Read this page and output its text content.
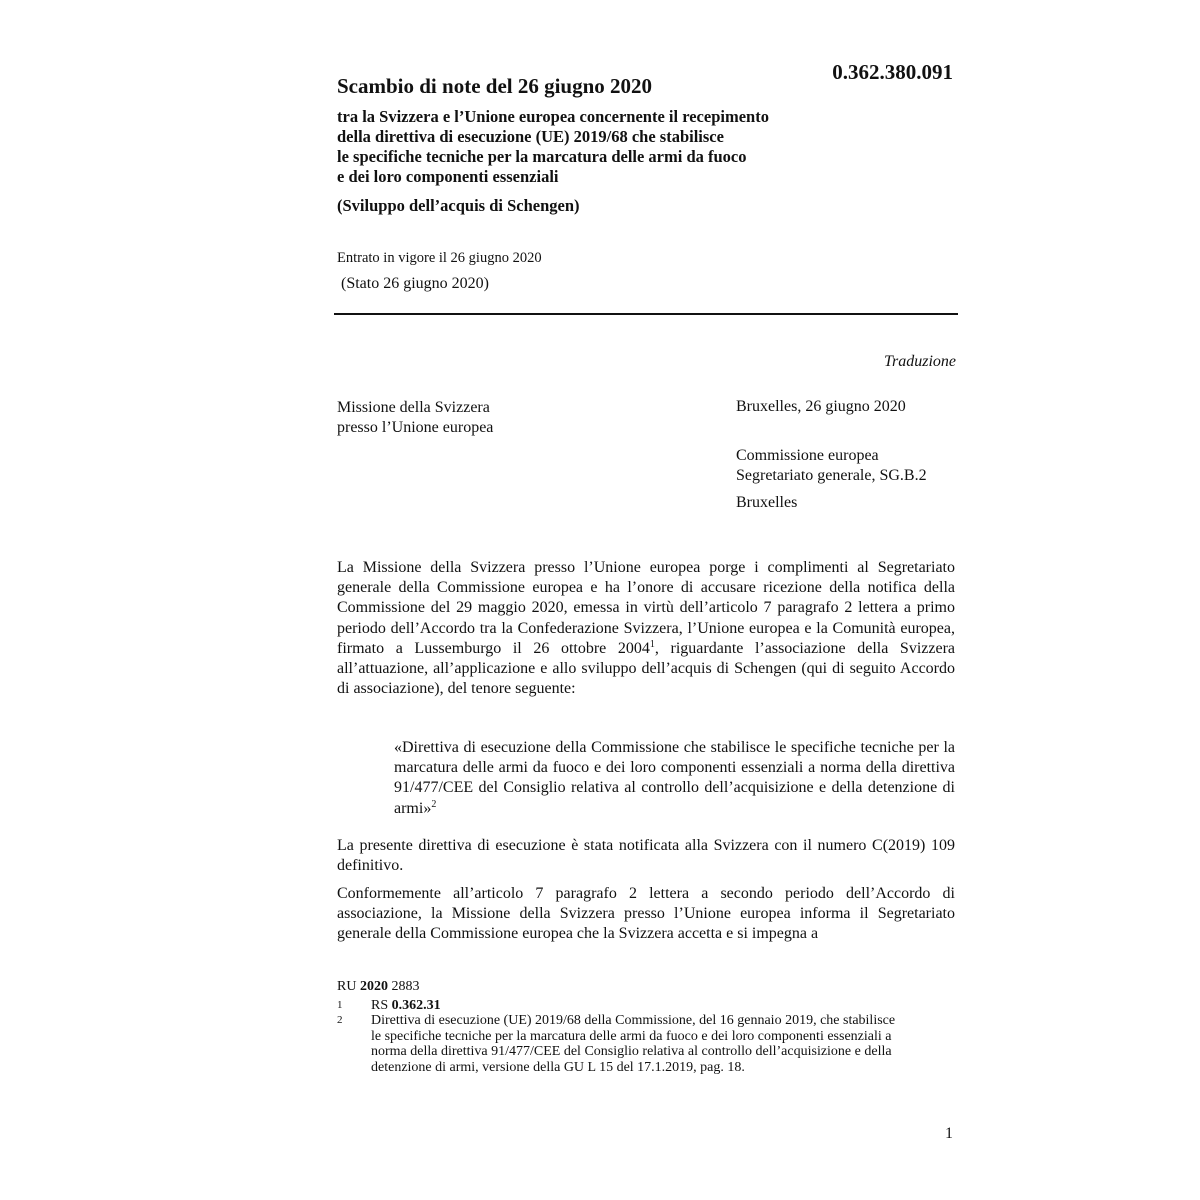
0.362.380.091
Scambio di note del 26 giugno 2020
tra la Svizzera e l’Unione europea concernente il recepimento
della direttiva di esecuzione (UE) 2019/68 che stabilisce
le specifiche tecniche per la marcatura delle armi da fuoco
e dei loro componenti essenziali
(Sviluppo dell’acquis di Schengen)
Entrato in vigore il 26 giugno 2020
(Stato 26 giugno 2020)
Traduzione
Missione della Svizzera
presso l’Unione europea
Bruxelles, 26 giugno 2020
Commissione europea
Segretariato generale, SG.B.2
Bruxelles

La Missione della Svizzera presso l’Unione europea porge i complimenti al Segretariato generale della Commissione europea e ha l’onore di accusare ricezione della notifica della Commissione del 29 maggio 2020, emessa in virtù dell’articolo 7 paragrafo 2 lettera a primo periodo dell’Accordo tra la Confederazione Svizzera, l’Unione europea e la Comunità europea, firmato a Lussemburgo il 26 ottobre 2004$^1$, riguardante l’associazione della Svizzera all’attuazione, all’applicazione e allo sviluppo dell’acquis di Schengen (qui di seguito Accordo di associazione), del tenore seguente:

«Direttiva di esecuzione della Commissione che stabilisce le specifiche tecniche per la marcatura delle armi da fuoco e dei loro componenti essenziali a norma della direttiva 91/477/CEE del Consiglio relativa al controllo dell’acquisizione e della detenzione di armi»$^2$

La presente direttiva di esecuzione è stata notificata alla Svizzera con il numero C(2019) 109 definitivo.

Conformemente all’articolo 7 paragrafo 2 lettera a secondo periodo dell’Accordo di associazione, la Missione della Svizzera presso l’Unione europea informa il Segretariato generale della Commissione europea che la Svizzera accetta e si impegna a

RU 2020 2883
1 RS 0.362.31
2 Direttiva di esecuzione (UE) 2019/68 della Commissione, del 16 gennaio 2019, che stabilisce le specifiche tecniche per la marcatura delle armi da fuoco e dei loro componenti essenziali a norma della direttiva 91/477/CEE del Consiglio relativa al controllo dell’acquisizione e della detenzione di armi, versione della GU L 15 del 17.1.2019, pag. 18.
1
